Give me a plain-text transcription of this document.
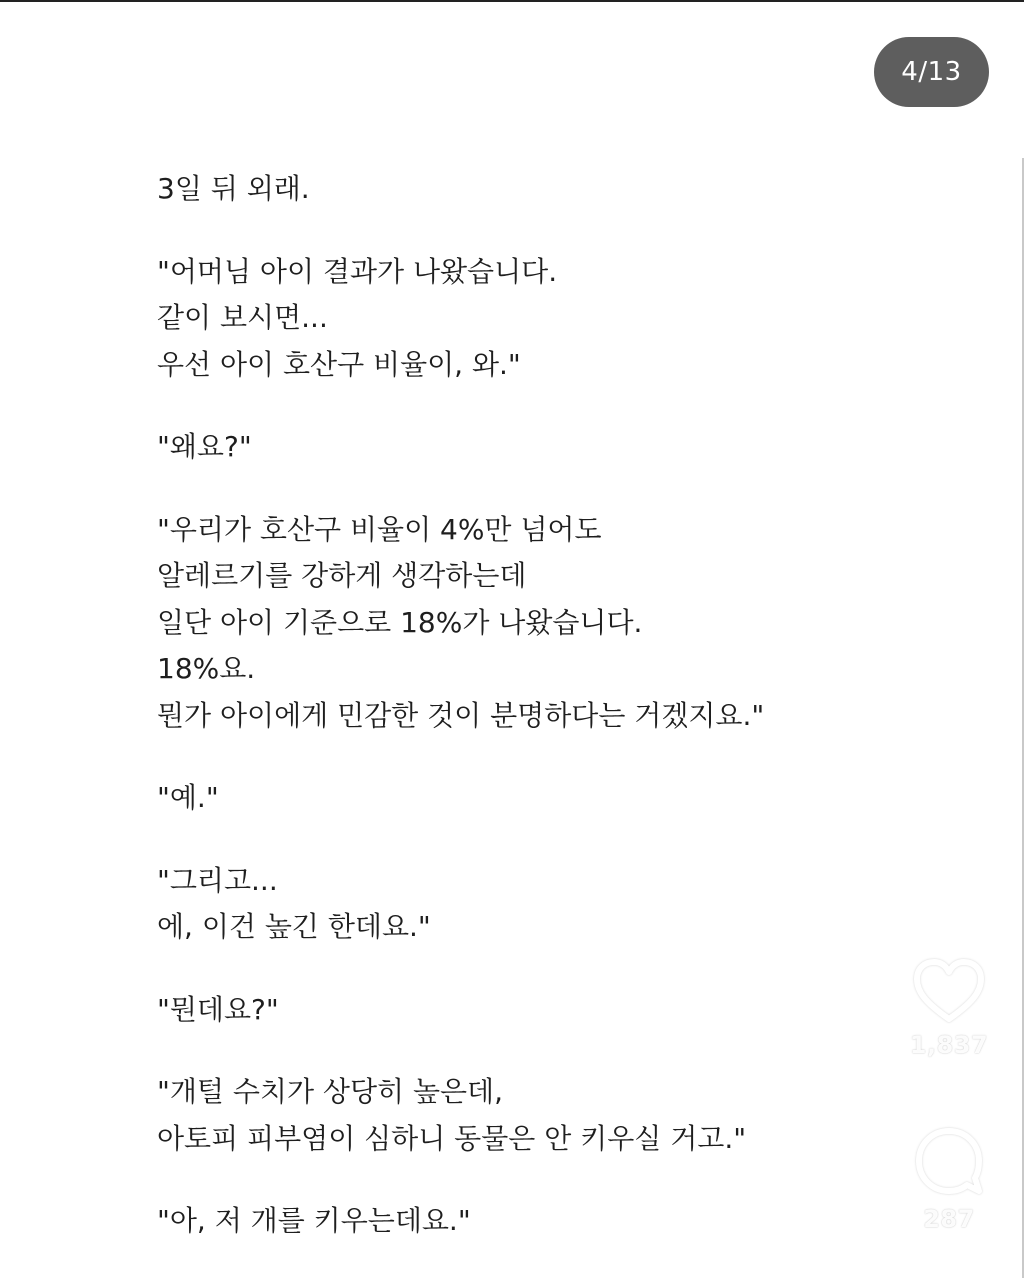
4/13
3일 뒤 외래.
"어머님 아이 결과가 나왔습니다.
같이 보시면...
우선 아이 호산구 비율이, 와."
"왜요?"
"우리가 호산구 비율이 4%만 넘어도
알레르기를 강하게 생각하는데
일단 아이 기준으로 18%가 나왔습니다.
18%요.
뭔가 아이에게 민감한 것이 분명하다는 거겠지요."
"예."
"그리고...
에, 이건 높긴 한데요."
"뭔데요?"
"개털 수치가 상당히 높은데,
아토피 피부염이 심하니 동물은 안 키우실 거고."
"아, 저 개를 키우는데요."
1,837
287
